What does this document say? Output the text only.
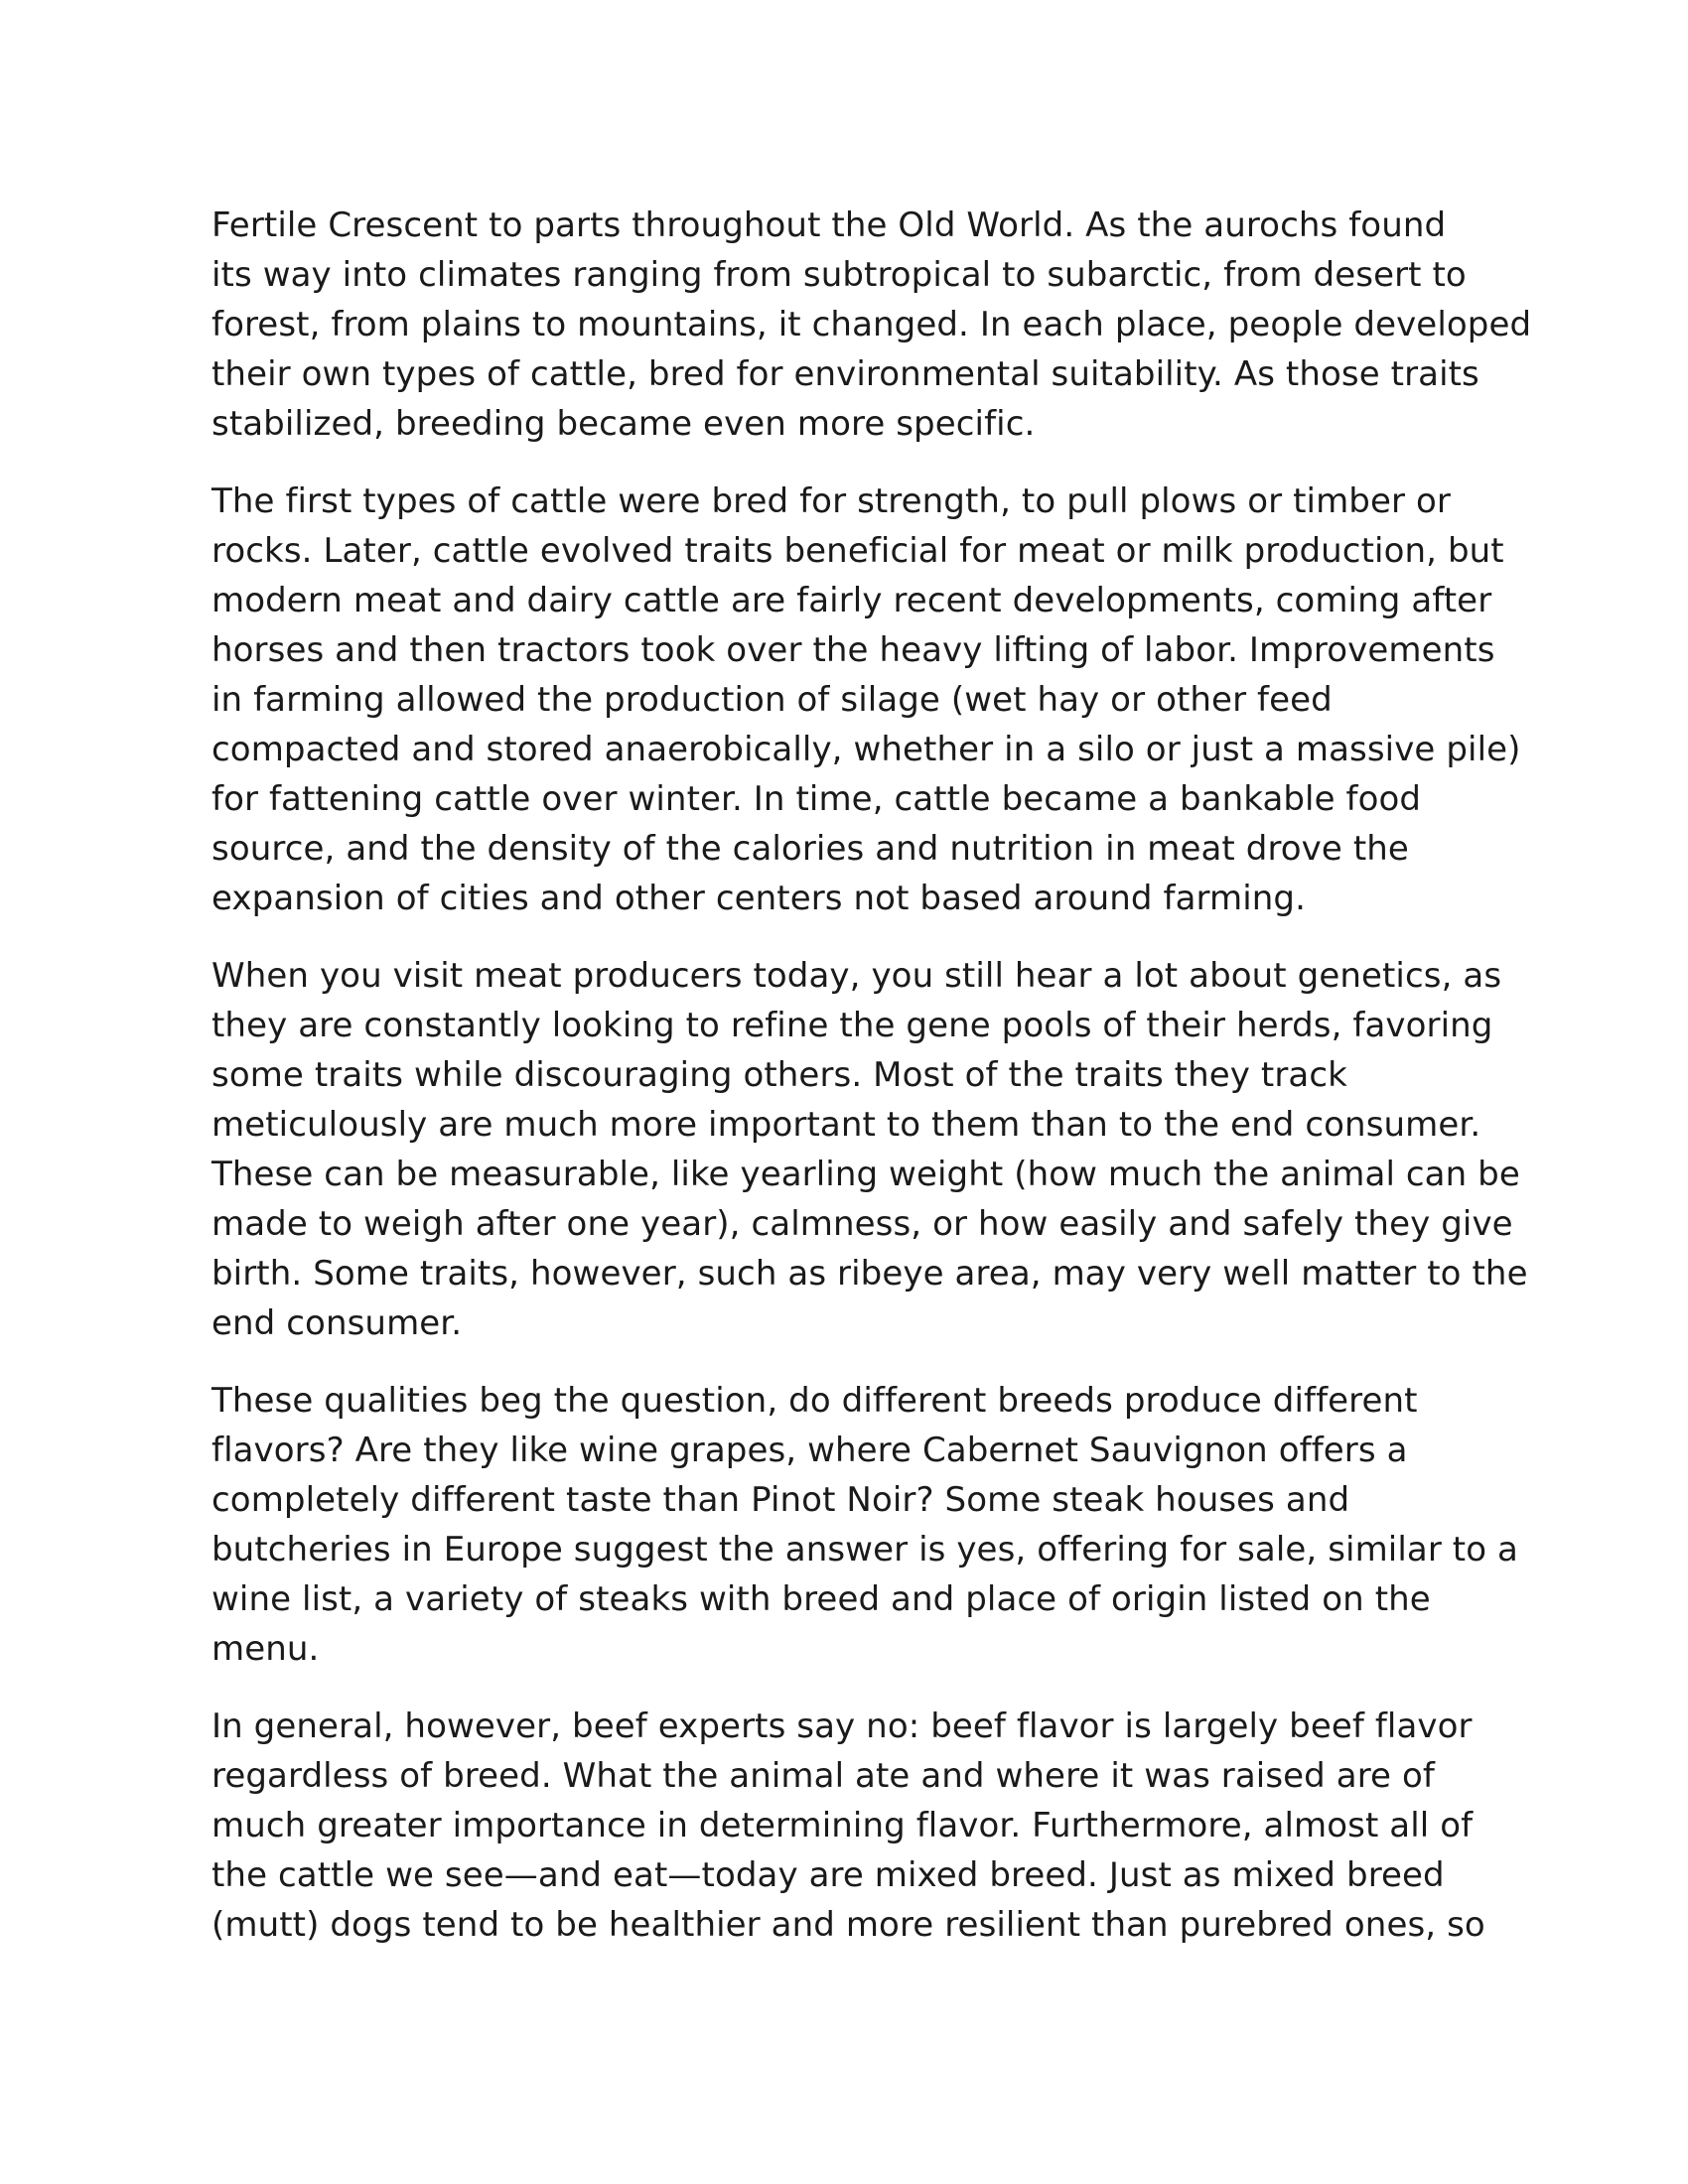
Fertile Crescent to parts throughout the Old World. As the aurochs found
its way into climates ranging from subtropical to subarctic, from desert to
forest, from plains to mountains, it changed. In each place, people developed
their own types of cattle, bred for environmental suitability. As those traits
stabilized, breeding became even more specific.

The first types of cattle were bred for strength, to pull plows or timber or
rocks. Later, cattle evolved traits beneficial for meat or milk production, but
modern meat and dairy cattle are fairly recent developments, coming after
horses and then tractors took over the heavy lifting of labor. Improvements
in farming allowed the production of silage (wet hay or other feed
compacted and stored anaerobically, whether in a silo or just a massive pile)
for fattening cattle over winter. In time, cattle became a bankable food
source, and the density of the calories and nutrition in meat drove the
expansion of cities and other centers not based around farming.

When you visit meat producers today, you still hear a lot about genetics, as
they are constantly looking to refine the gene pools of their herds, favoring
some traits while discouraging others. Most of the traits they track
meticulously are much more important to them than to the end consumer.
These can be measurable, like yearling weight (how much the animal can be
made to weigh after one year), calmness, or how easily and safely they give
birth. Some traits, however, such as ribeye area, may very well matter to the
end consumer.

These qualities beg the question, do different breeds produce different
flavors? Are they like wine grapes, where Cabernet Sauvignon offers a
completely different taste than Pinot Noir? Some steak houses and
butcheries in Europe suggest the answer is yes, offering for sale, similar to a
wine list, a variety of steaks with breed and place of origin listed on the
menu.

In general, however, beef experts say no: beef flavor is largely beef flavor
regardless of breed. What the animal ate and where it was raised are of
much greater importance in determining flavor. Furthermore, almost all of
the cattle we see—and eat—today are mixed breed. Just as mixed breed
(mutt) dogs tend to be healthier and more resilient than purebred ones, so
